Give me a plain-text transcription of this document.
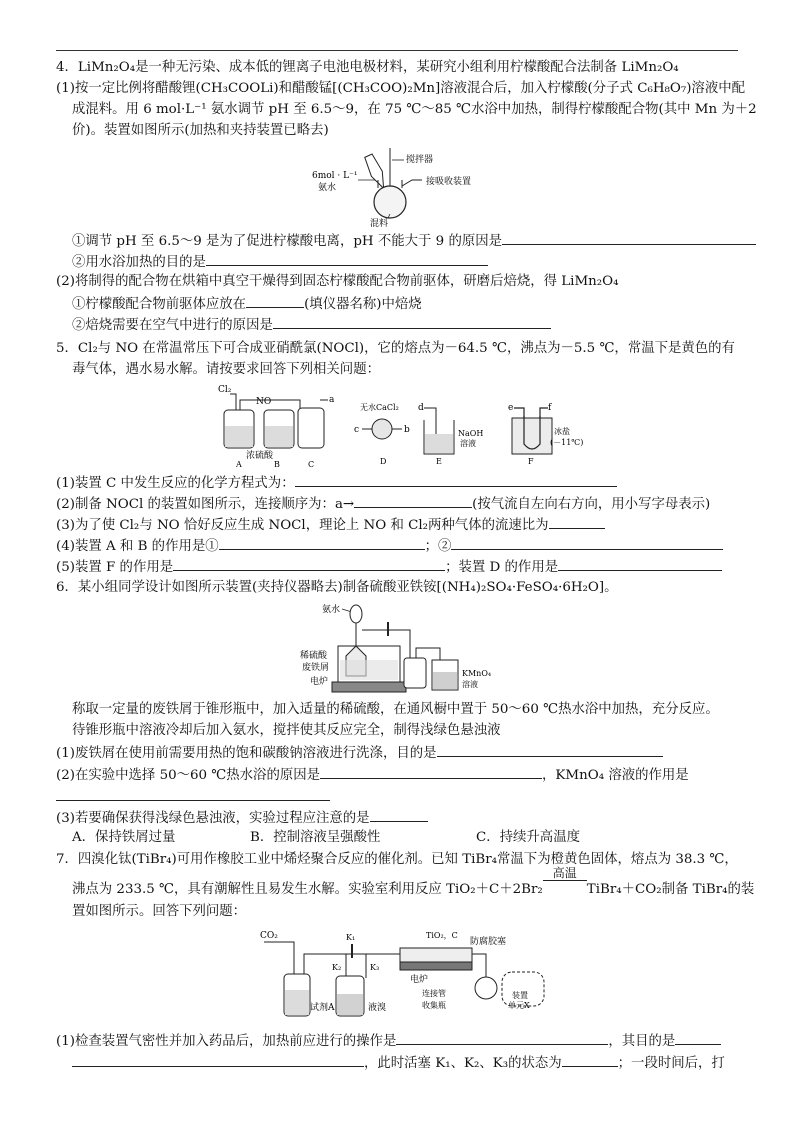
4．LiMn₂O₄是一种无污染、成本低的锂离子电池电极材料，某研究小组利用柠檬酸配合法制备 LiMn₂O₄
(1)按一定比例将醋酸锂(CH₃COOLi)和醋酸锰[(CH₃COO)₂Mn]溶液混合后，加入柠檬酸(分子式 C₆H₈O₇)溶液中配
成混料。用 6 mol·L⁻¹ 氨水调节 pH 至 6.5～9，在 75 ℃～85 ℃水浴中加热，制得柠檬酸配合物(其中 Mn 为＋2
价)。装置如图所示(加热和夹持装置已略去)
6mol · L⁻¹
氨水
搅拌器
接吸收装置
混料
①调节 pH 至 6.5～9 是为了促进柠檬酸电离，pH 不能大于 9 的原因是
②用水浴加热的目的是
(2)将制得的配合物在烘箱中真空干燥得到固态柠檬酸配合物前驱体，研磨后焙烧，得 LiMn₂O₄
①柠檬酸配合物前驱体应放在	(填仪器名称)中焙烧
②焙烧需要在空气中进行的原因是
5．Cl₂与 NO 在常温常压下可合成亚硝酰氯(NOCl)，它的熔点为－64.5 ℃，沸点为－5.5 ℃，常温下是黄色的有
毒气体，遇水易水解。请按要求回答下列相关问题：
Cl₂
NO	a
浓硫酸
A	B	C
无水CaCl₂
c	b
D
d
NaOH
溶液
E
e	f
冰盐
(－11℃)
F
(1)装置 C 中发生反应的化学方程式为：
(2)制备 NOCl 的装置如图所示，连接顺序为：a→	(按气流自左向右方向，用小写字母表示)
(3)为了使 Cl₂与 NO 恰好反应生成 NOCl，理论上 NO 和 Cl₂两种气体的流速比为
(4)装置 A 和 B 的作用是①	；②
(5)装置 F 的作用是	；装置 D 的作用是
6．某小组同学设计如图所示装置(夹持仪器略去)制备硫酸亚铁铵[(NH₄)₂SO₄·FeSO₄·6H₂O]。
氨水
稀硫酸
废铁屑
电炉
KMnO₄
溶液
称取一定量的废铁屑于锥形瓶中，加入适量的稀硫酸，在通风橱中置于 50～60 ℃热水浴中加热，充分反应。
待锥形瓶中溶液冷却后加入氨水，搅拌使其反应完全，制得浅绿色悬浊液
(1)废铁屑在使用前需要用热的饱和碳酸钠溶液进行洗涤，目的是
(2)在实验中选择 50～60 ℃热水浴的原因是	，KMnO₄ 溶液的作用是
(3)若要确保获得浅绿色悬浊液，实验过程应注意的是
A．保持铁屑过量	B．控制溶液呈强酸性	C．持续升高温度
7．四溴化钛(TiBr₄)可用作橡胶工业中烯烃聚合反应的催化剂。已知 TiBr₄常温下为橙黄色固体，熔点为 38.3 ℃，
沸点为 233.5 ℃，具有潮解性且易发生水解。实验室利用反应 TiO₂＋C＋2Br₂
高温
TiBr₄＋CO₂制备 TiBr₄的装
置如图所示。回答下列问题：
CO₂	K₁
K₂	K₃
试剂A	液溴
TiO₂，C
电炉
防腐胶塞
装置
单元X
连接管
收集瓶
(1)检查装置气密性并加入药品后，加热前应进行的操作是	，其目的是
，此时活塞 K₁、K₂、K₃的状态为	；一段时间后，打
